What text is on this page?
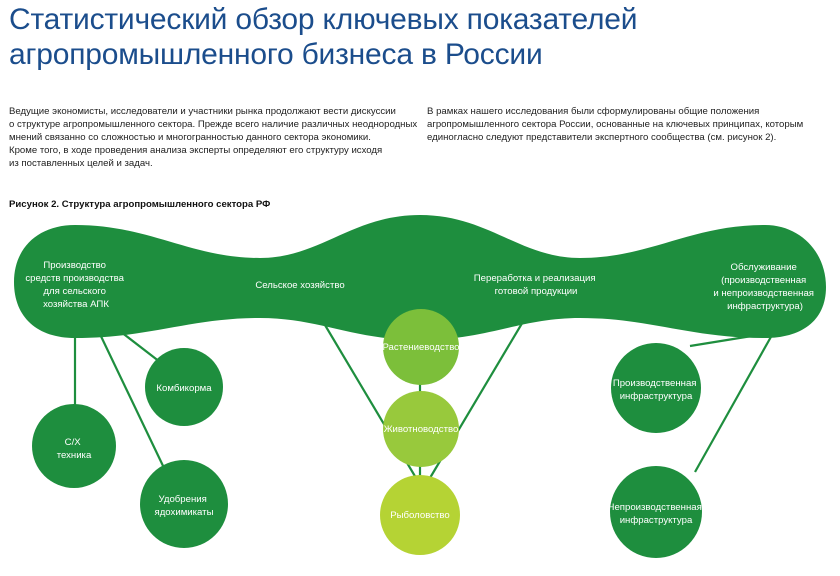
Статистический обзор ключевых показателей
агропромышленного бизнеса в России
Ведущие экономисты, исследователи и участники рынка продолжают вести дискуссии
о структуре агропромышленного сектора. Прежде всего наличие различных неоднородных
мнений связанно со сложностью и многогранностью данного сектора экономики.
Кроме того, в ходе проведения анализа эксперты определяют его структуру исходя
из поставленных целей и задач.
В рамках нашего исследования были сформулированы общие положения
агропромышленного сектора России, основанные на ключевых принципах, которым
единогласно следуют представители экспертного сообщества (см. рисунок 2).
Рисунок 2. Структура агропромышленного сектора РФ
Производство средств производства для сельского хозяйства АПК
Сельское хозяйство
Переработка и реализация готовой продукции
Обслуживание (производственная и непроизводственная инфраструктура)
Комбикорма
С/Х техника
Удобрения ядохимикаты
Растениеводство
Животноводство
Рыболовство
Производственная инфраструктура
Непроизводственная инфраструктура
